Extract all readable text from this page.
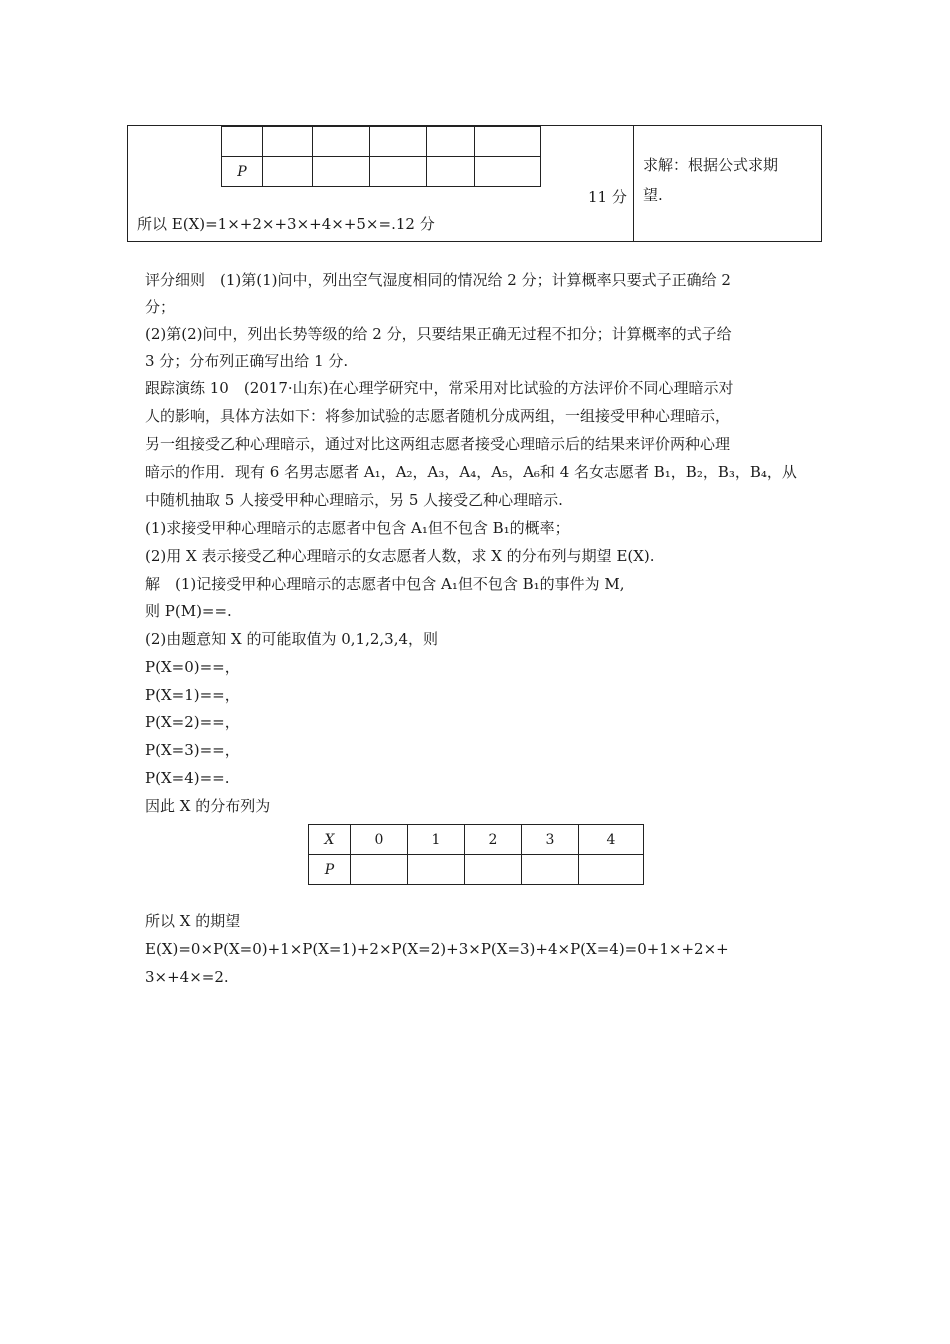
P					
11 分
所以 E(X)=1×+2×+3×+4×+5×=.12 分
求解：根据公式求期
望.
评分细则　(1)第(1)问中，列出空气湿度相同的情况给 2 分；计算概率只要式子正确给 2
分；
(2)第(2)问中，列出长势等级的给 2 分，只要结果正确无过程不扣分；计算概率的式子给
3 分；分布列正确写出给 1 分.
跟踪演练 10　(2017·山东)在心理学研究中，常采用对比试验的方法评价不同心理暗示对
人的影响，具体方法如下：将参加试验的志愿者随机分成两组，一组接受甲种心理暗示，
另一组接受乙种心理暗示，通过对比这两组志愿者接受心理暗示后的结果来评价两种心理
暗示的作用．现有 6 名男志愿者 A₁，A₂，A₃，A₄，A₅，A₆和 4 名女志愿者 B₁，B₂，B₃，B₄，从
中随机抽取 5 人接受甲种心理暗示，另 5 人接受乙种心理暗示.
(1)求接受甲种心理暗示的志愿者中包含 A₁但不包含 B₁的概率；
(2)用 X 表示接受乙种心理暗示的女志愿者人数，求 X 的分布列与期望 E(X).
解　(1)记接受甲种心理暗示的志愿者中包含 A₁但不包含 B₁的事件为 M,
则 P(M)==.
(2)由题意知 X 的可能取值为 0,1,2,3,4，则
P(X=0)==，
P(X=1)==，
P(X=2)==，
P(X=3)==，
P(X=4)==.
因此 X 的分布列为
X	0	1	2	3	4
P					
所以 X 的期望
E(X)=0×P(X=0)+1×P(X=1)+2×P(X=2)+3×P(X=3)+4×P(X=4)=0+1×+2×+
3×+4×=2.
